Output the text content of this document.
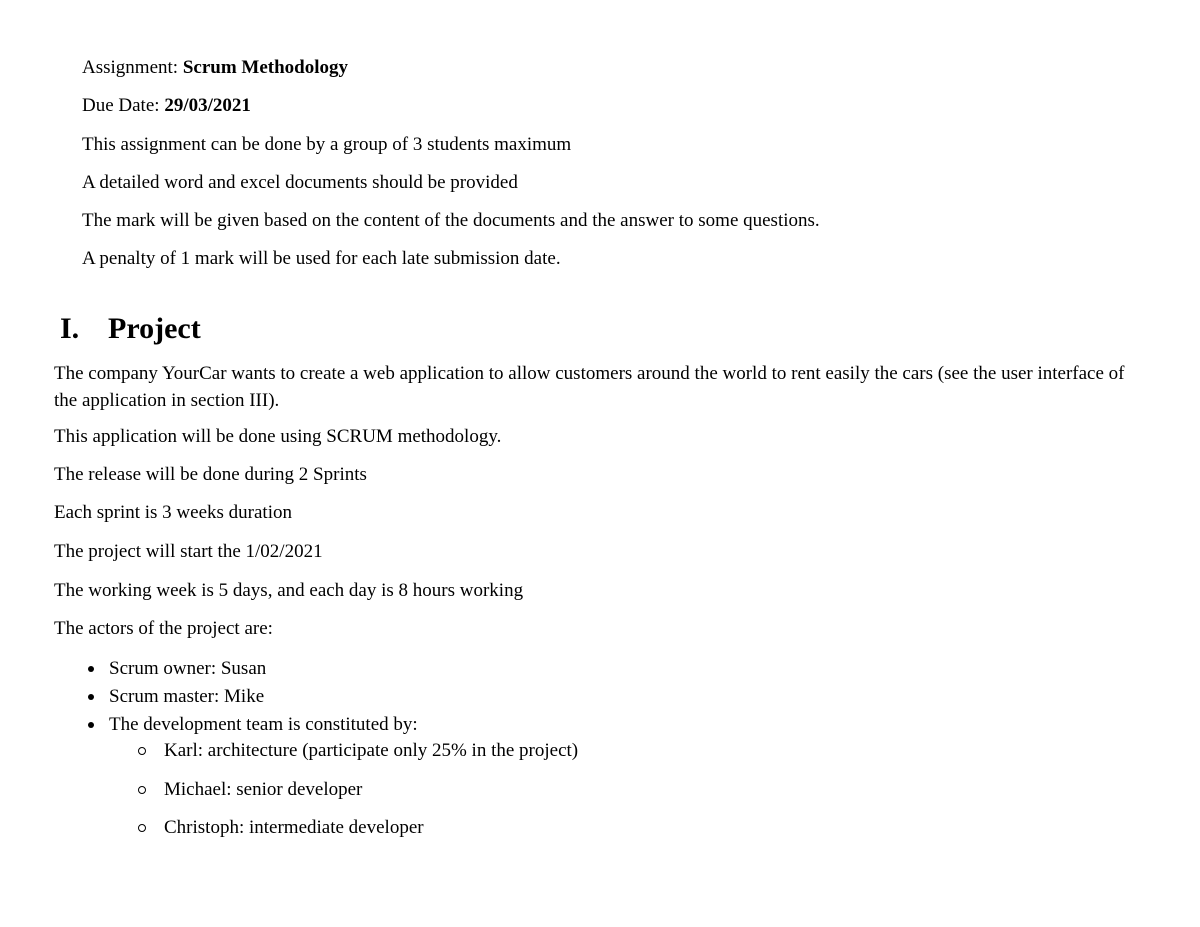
Assignment: Scrum Methodology
Due Date: 29/03/2021
This assignment can be done by a group of 3 students maximum
A detailed word and excel documents should be provided
The mark will be given based on the content of the documents and the answer to some questions.
A penalty of 1 mark will be used for each late submission date.
I. Project
The company YourCar wants to create a web application to allow customers around the world to rent easily the cars (see the user interface of the application in section III).
This application will be done using SCRUM methodology.
The release will be done during 2 Sprints
Each sprint is 3 weeks duration
The project will start the 1/02/2021
The working week is 5 days, and each day is 8 hours working
The actors of the project are:
Scrum owner: Susan
Scrum master: Mike
The development team is constituted by:
Karl: architecture (participate only 25% in the project)
Michael: senior developer
Christoph: intermediate developer
